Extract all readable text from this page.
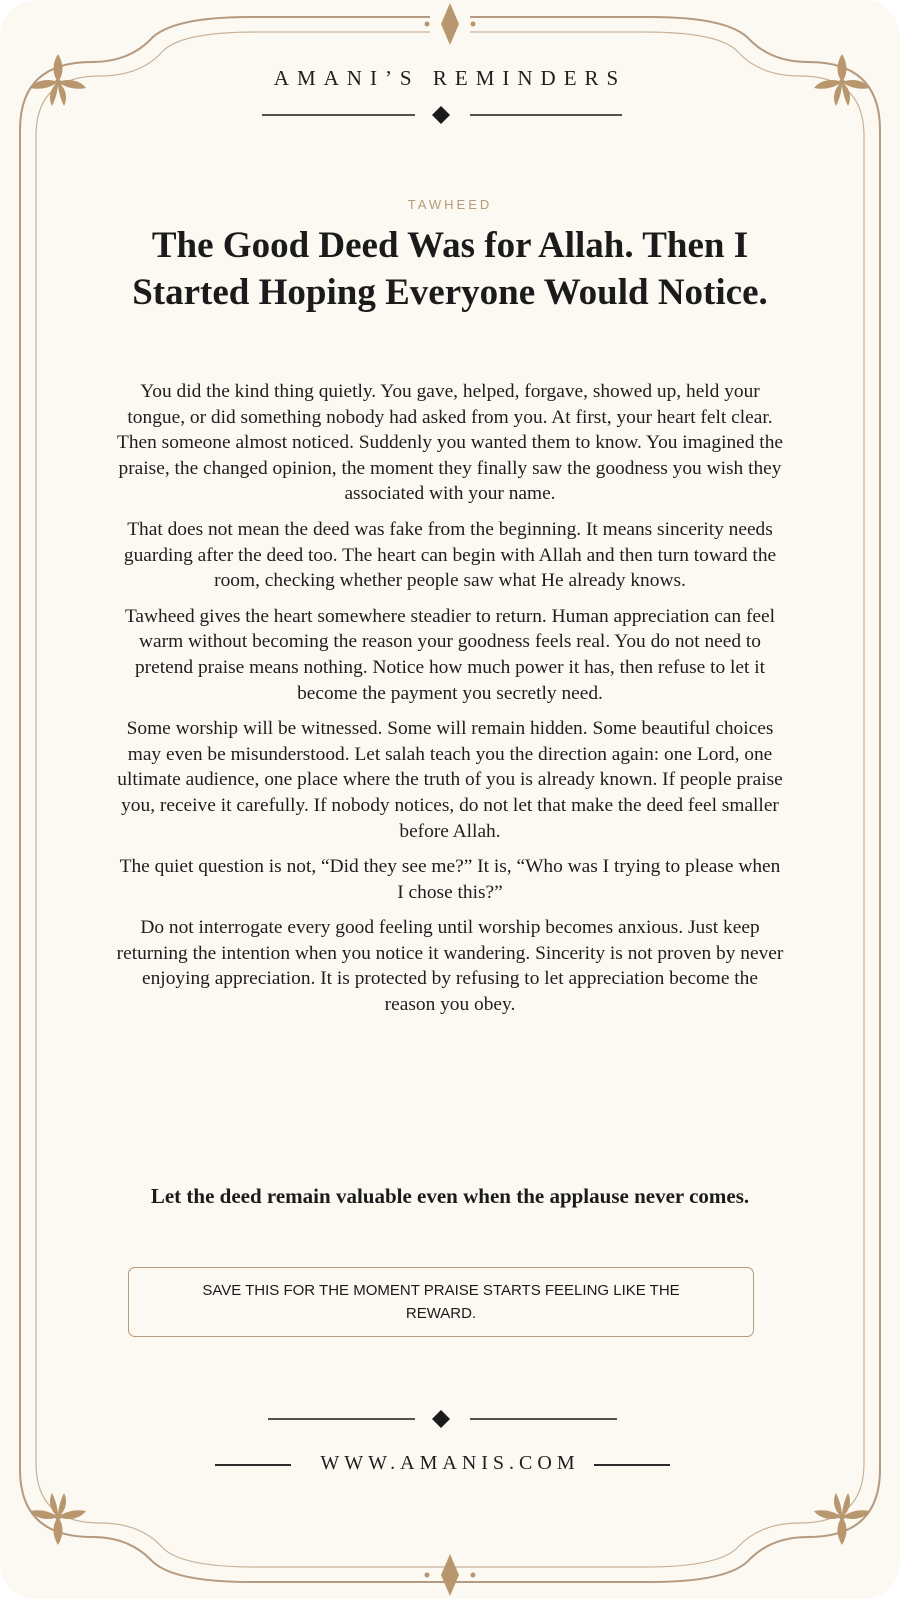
AMANI’S REMINDERS
TAWHEED
The Good Deed Was for Allah. Then I Started Hoping Everyone Would Notice.

You did the kind thing quietly. You gave, helped, forgave, showed up, held your tongue, or did something nobody had asked from you. At first, your heart felt clear. Then someone almost noticed. Suddenly you wanted them to know. You imagined the praise, the changed opinion, the moment they finally saw the goodness you wish they associated with your name.

That does not mean the deed was fake from the beginning. It means sincerity needs guarding after the deed too. The heart can begin with Allah and then turn toward the room, checking whether people saw what He already knows.

Tawheed gives the heart somewhere steadier to return. Human appreciation can feel warm without becoming the reason your goodness feels real. You do not need to pretend praise means nothing. Notice how much power it has, then refuse to let it become the payment you secretly need.

Some worship will be witnessed. Some will remain hidden. Some beautiful choices may even be misunderstood. Let salah teach you the direction again: one Lord, one ultimate audience, one place where the truth of you is already known. If people praise you, receive it carefully. If nobody notices, do not let that make the deed feel smaller before Allah.

The quiet question is not, “Did they see me?” It is, “Who was I trying to please when I chose this?”

Do not interrogate every good feeling until worship becomes anxious. Just keep returning the intention when you notice it wandering. Sincerity is not proven by never enjoying appreciation. It is protected by refusing to let appreciation become the reason you obey.

Let the deed remain valuable even when the applause never comes.
SAVE THIS FOR THE MOMENT PRAISE STARTS FEELING LIKE THE REWARD.
WWW.AMANIS.COM
